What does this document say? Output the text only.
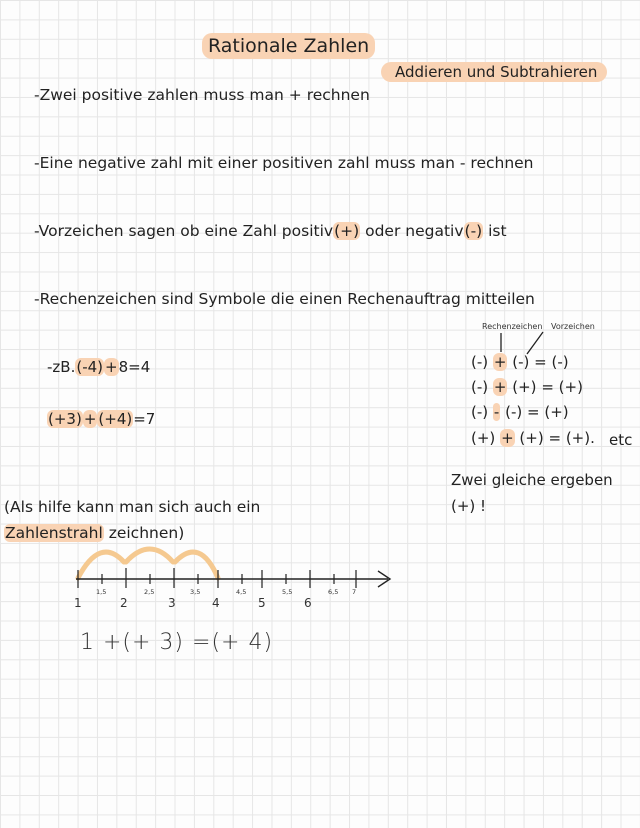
Rationale Zahlen
Addieren und Subtrahieren
-Zwei positive zahlen muss man + rechnen
-Eine negative zahl mit einer positiven zahl muss man - rechnen
-Vorzeichen sagen ob eine Zahl positiv(+) oder negativ(-) ist
-Rechenzeichen sind Symbole die einen Rechenauftrag mitteilen
-zB.(-4) +8=4
(+3) + (+4)=7
Rechenzeichen Vorzeichen
(-) + (-) = (-)
(-) + (+) = (+)
(-) - (-) = (+)
(+) + (+) = (+). etc
Zwei gleiche ergeben
(+) !
(Als hilfe kann man sich auch ein
Zahlenstrahl zeichnen)
1,5	2,5	3,5	4,5	5,5	6,5 7
1	2	3	4	5	6
1 +(+ 3) =(+ 4)
